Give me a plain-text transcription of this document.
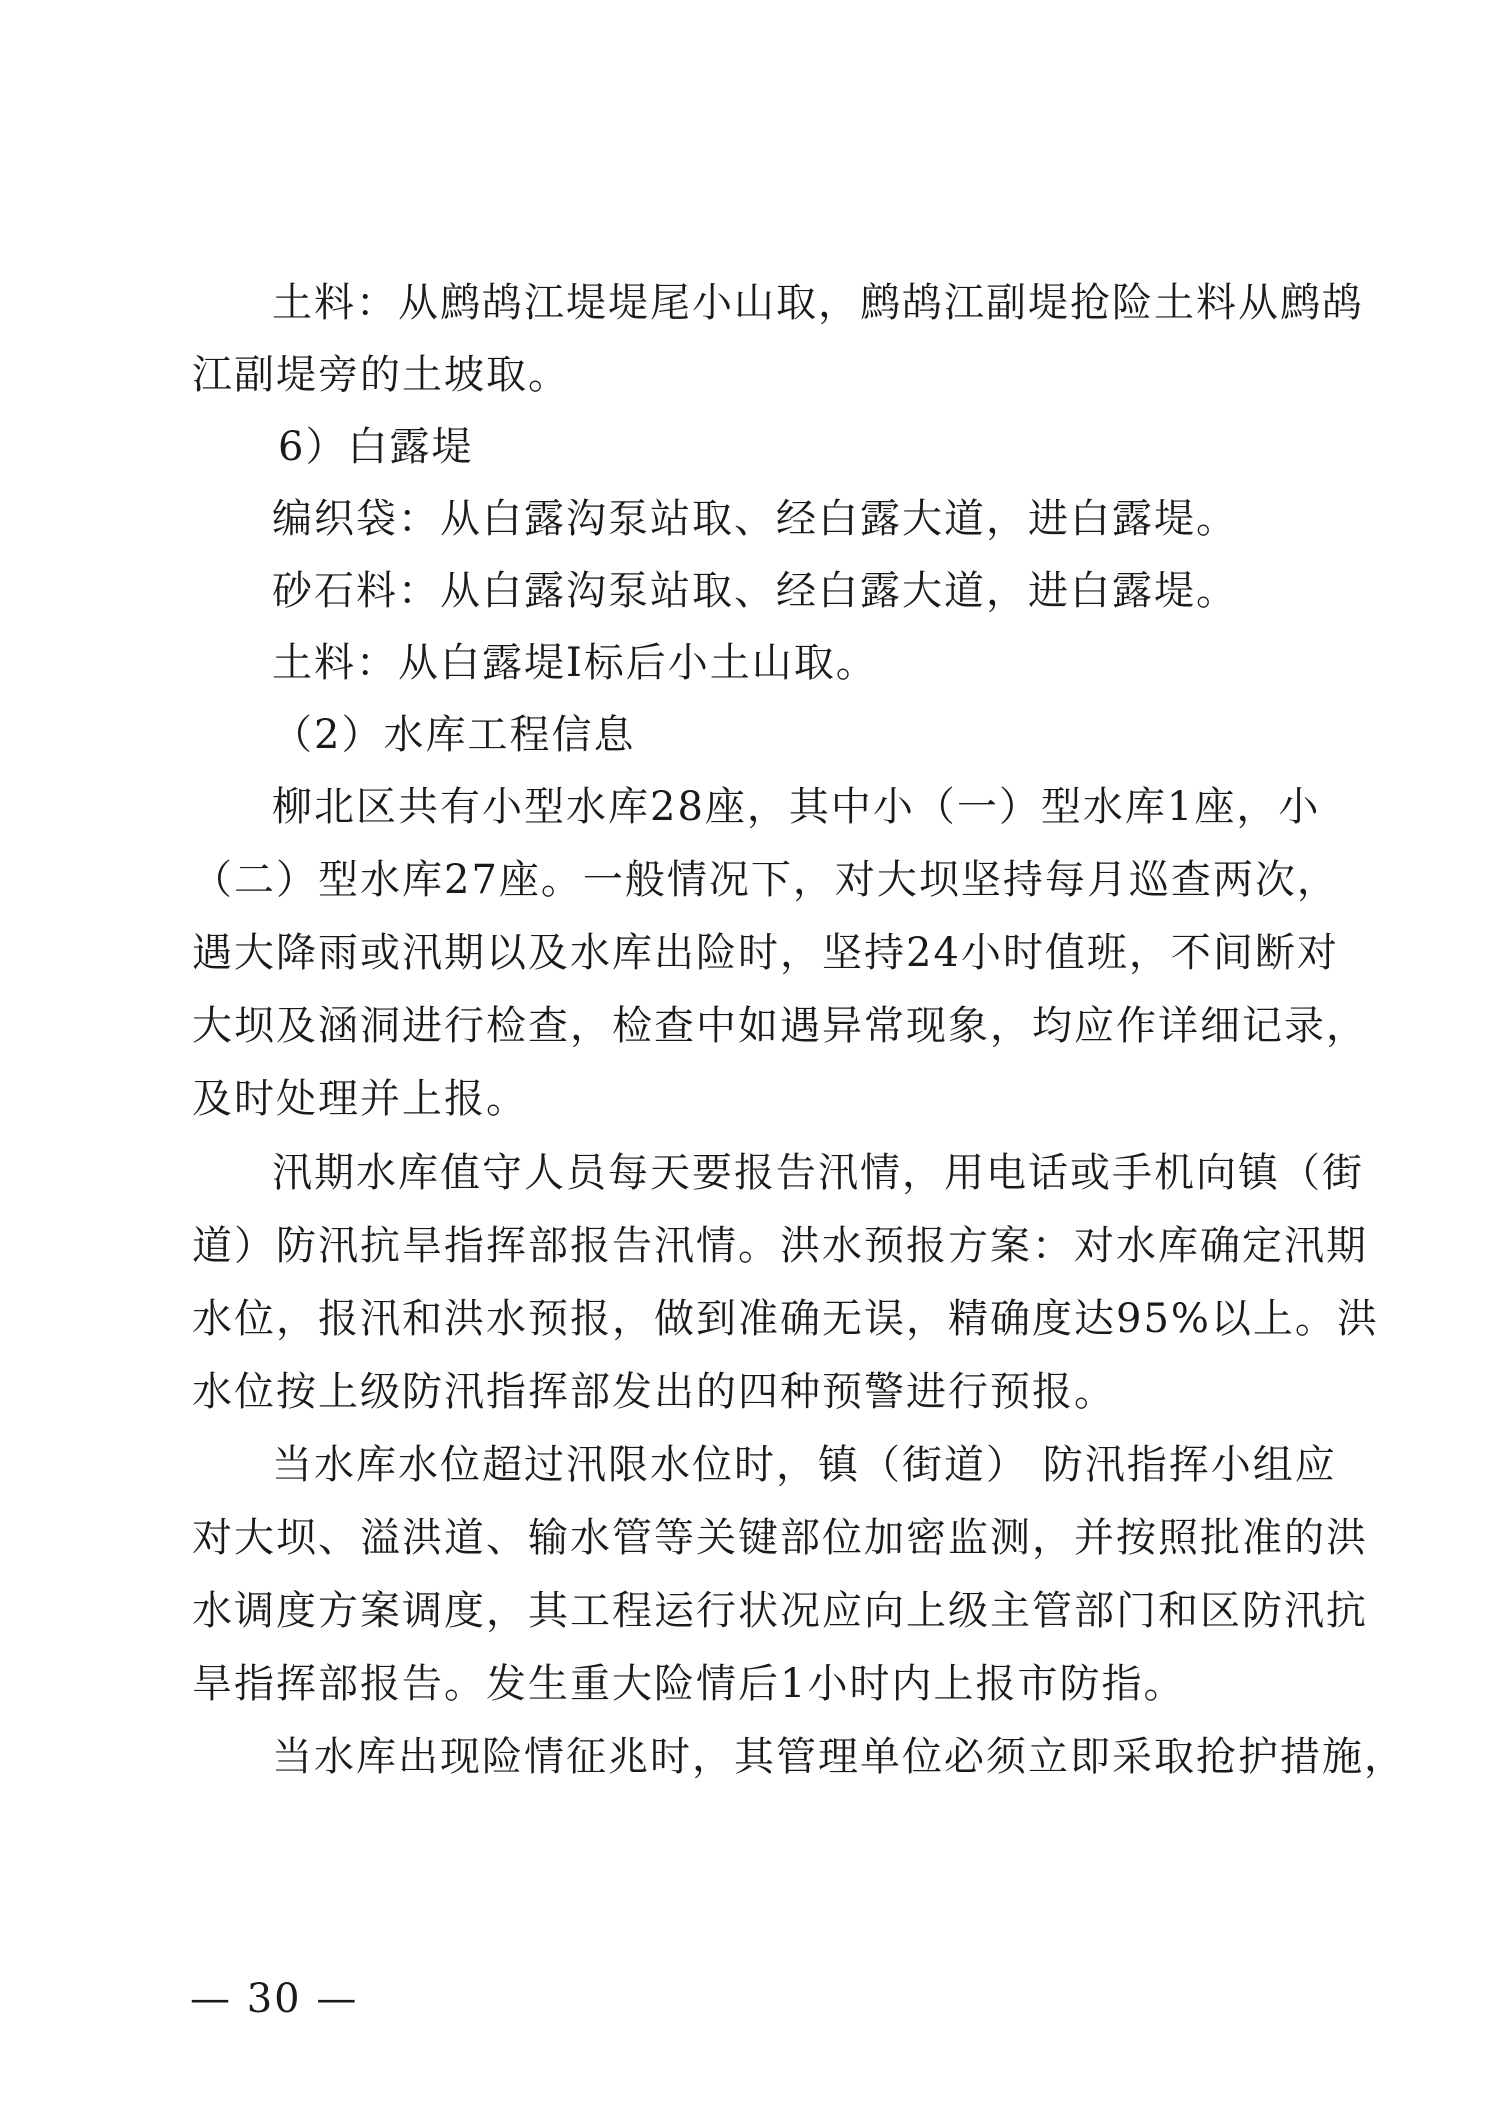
土料：从鹧鸪江堤堤尾小山取，鹧鸪江副堤抢险土料从鹧鸪
江副堤旁的土坡取。
6）白露堤
编织袋：从白露沟泵站取、经白露大道，进白露堤。
砂石料：从白露沟泵站取、经白露大道，进白露堤。
土料：从白露堤Ⅰ标后小土山取。
（2）水库工程信息
柳北区共有小型水库28座，其中小（一）型水库1座，小
（二）型水库27座。一般情况下，对大坝坚持每月巡查两次，
遇大降雨或汛期以及水库出险时，坚持24小时值班，不间断对
大坝及涵洞进行检查，检查中如遇异常现象，均应作详细记录，
及时处理并上报。
汛期水库值守人员每天要报告汛情，用电话或手机向镇（街
道）防汛抗旱指挥部报告汛情。洪水预报方案：对水库确定汛期
水位，报汛和洪水预报，做到准确无误，精确度达95%以上。洪
水位按上级防汛指挥部发出的四种预警进行预报。
当水库水位超过汛限水位时，镇（街道） 防汛指挥小组应
对大坝、溢洪道、输水管等关键部位加密监测，并按照批准的洪
水调度方案调度，其工程运行状况应向上级主管部门和区防汛抗
旱指挥部报告。发生重大险情后1小时内上报市防指。
当水库出现险情征兆时，其管理单位必须立即采取抢护措施，
— 30 —
